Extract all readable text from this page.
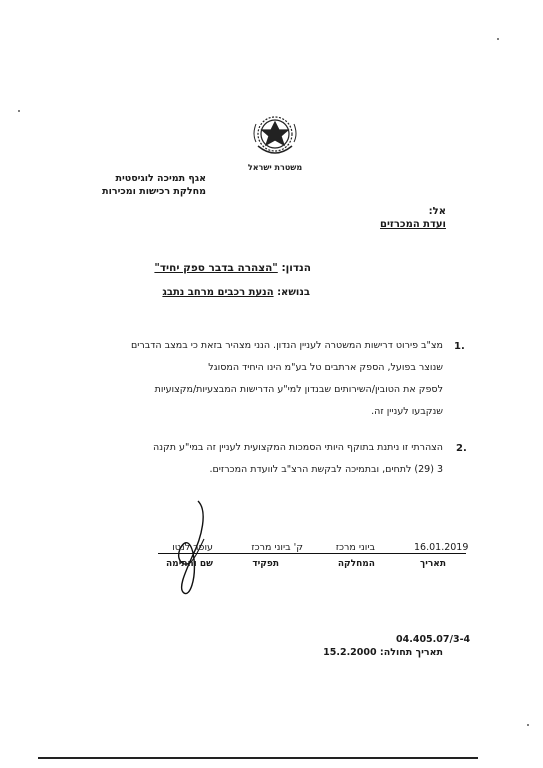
משטרת ישראל
אגף תמיכה לוגיסטית
מחלקת רכישות ומכירות
אל:
ועדת המכרזים
הנדון: "הצהרה בדבר ספק יחיד"
בנושא: הנעת רכבים מרחב נתבג
1.
מצ"ב פירוט דרישות המשטרה לעניין הנדון. הנני מצהיר בזאת כי במצב הדברים
שנוצר בפועל, הספק ארתבים טל בע"מ הינו היחיד המסוגל
לספק את הטובין/השירותים שבנדון למי"ע הדרישות המבצעיות/מקצועיות
שנקבעו לעניין זה.
2.
הצהרתי זו ניתנת בתוקף היותי הסמכות המקצועית לעניין זה במי"ע תקנה
3 (29) לתחים, ובתמיכה לבקשת הרצ"ב לוועדת המכרזים.
16.01.2019
ביוני מרכז
ק' ביוני מרכז
עופר לנטו
תאריך
המחלקה
תפקיד
שם וחתימה
04.405.07/3-4
תאריך תחולה: 15.2.2000
